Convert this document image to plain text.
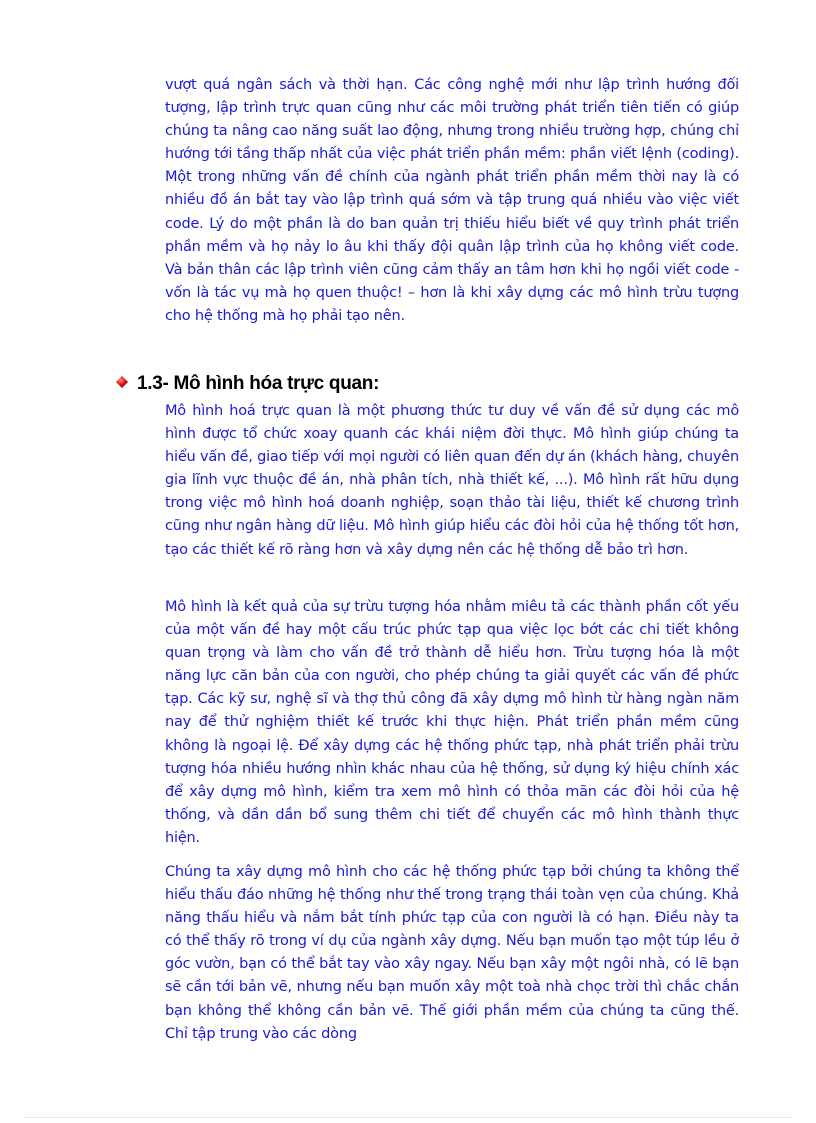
vượt quá ngân sách và thời hạn. Các công nghệ mới như lập trình hướng đối tượng, lập trình trực quan cũng như các môi trường phát triển tiên tiến có giúp chúng ta nâng cao năng suất lao động, nhưng trong nhiều trường hợp, chúng chỉ hướng tới tầng thấp nhất của việc phát triển phần mềm: phần viết lệnh (coding). Một trong những vấn đề chính của ngành phát triển phần mềm thời nay là có nhiều đồ án bắt tay vào lập trình quá sớm và tập trung quá nhiều vào việc viết code. Lý do một phần là do ban quản trị thiếu hiểu biết về quy trình phát triển phần mềm và họ nảy lo âu khi thấy đội quân lập trình của họ không viết code. Và bản thân các lập trình viên cũng cảm thấy an tâm hơn khi họ ngồi viết code - vốn là tác vụ mà họ quen thuộc! – hơn là khi xây dựng các mô hình trừu tượng cho hệ thống mà họ phải tạo nên.

1.3- Mô hình hóa trực quan:

Mô hình hoá trực quan là một phương thức tư duy về vấn đề sử dụng các mô hình được tổ chức xoay quanh các khái niệm đời thực. Mô hình giúp chúng ta hiểu vấn đề, giao tiếp với mọi người có liên quan đến dự án (khách hàng, chuyên gia lĩnh vực thuộc đề án, nhà phân tích, nhà thiết kế, ...). Mô hình rất hữu dụng trong việc mô hình hoá doanh nghiệp, soạn thảo tài liệu, thiết kế chương trình cũng như ngân hàng dữ liệu. Mô hình giúp hiểu các đòi hỏi của hệ thống tốt hơn, tạo các thiết kế rõ ràng hơn và xây dựng nên các hệ thống dễ bảo trì hơn.

Mô hình là kết quả của sự trừu tượng hóa nhằm miêu tả các thành phần cốt yếu của một vấn đề hay một cấu trúc phức tạp qua việc lọc bớt các chi tiết không quan trọng và làm cho vấn đề trở thành dễ hiểu hơn. Trừu tượng hóa là một năng lực căn bản của con người, cho phép chúng ta giải quyết các vấn đề phức tạp. Các kỹ sư, nghệ sĩ và thợ thủ công đã xây dựng mô hình từ hàng ngàn năm nay để thử nghiệm thiết kế trước khi thực hiện. Phát triển phần mềm cũng không là ngoại lệ. Để xây dựng các hệ thống phức tạp, nhà phát triển phải trừu tượng hóa nhiều hướng nhìn khác nhau của hệ thống, sử dụng ký hiệu chính xác để xây dựng mô hình, kiểm tra xem mô hình có thỏa mãn các đòi hỏi của hệ thống, và dần dần bổ sung thêm chi tiết để chuyển các mô hình thành thực hiện.

Chúng ta xây dựng mô hình cho các hệ thống phức tạp bởi chúng ta không thể hiểu thấu đáo những hệ thống như thế trong trạng thái toàn vẹn của chúng. Khả năng thấu hiểu và nắm bắt tính phức tạp của con người là có hạn. Điều này ta có thể thấy rõ trong ví dụ của ngành xây dựng. Nếu bạn muốn tạo một túp lều ở góc vườn, bạn có thể bắt tay vào xây ngay. Nếu bạn xây một ngôi nhà, có lẽ bạn sẽ cần tới bản vẽ, nhưng nếu bạn muốn xây một toà nhà chọc trời thì chắc chắn bạn không thể không cần bản vẽ. Thế giới phần mềm của chúng ta cũng thế. Chỉ tập trung vào các dòng
